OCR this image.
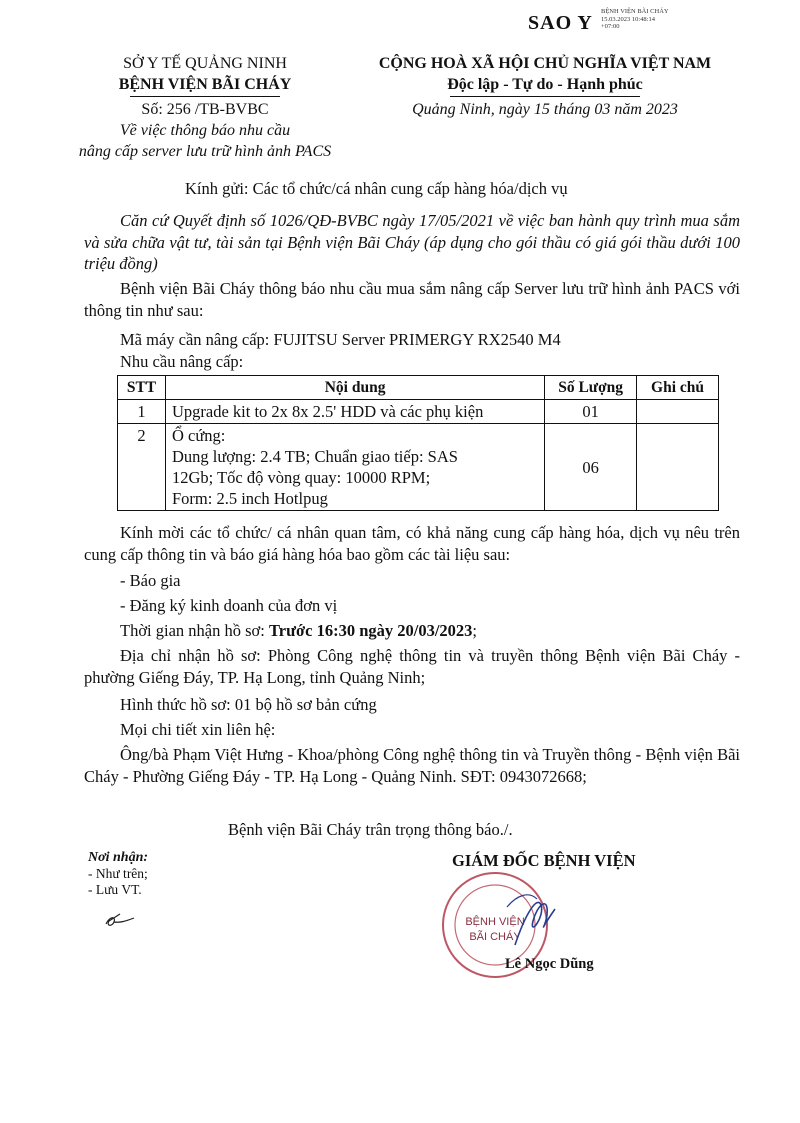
SAO Y
BỆNH VIỆN BÃI CHÁY
15.03.2023 10:48:14
+07:00
SỞ Y TẾ QUẢNG NINH
BỆNH VIỆN BÃI CHÁY
Số: 256 /TB-BVBC
Về việc thông báo nhu cầu
nâng cấp server lưu trữ hình ảnh PACS
CỘNG HOÀ XÃ HỘI CHỦ NGHĨA VIỆT NAM
Độc lập - Tự do - Hạnh phúc
Quảng Ninh, ngày 15 tháng 03 năm 2023
Kính gửi: Các tổ chức/cá nhân cung cấp hàng hóa/dịch vụ
Căn cứ Quyết định số 1026/QĐ-BVBC ngày 17/05/2021 về việc ban hành quy trình mua sắm và sửa chữa vật tư, tài sản tại Bệnh viện Bãi Cháy (áp dụng cho gói thầu có giá gói thầu dưới 100 triệu đồng)
Bệnh viện Bãi Cháy thông báo nhu cầu mua sắm nâng cấp Server lưu trữ hình ảnh PACS với thông tin như sau:
Mã máy cần nâng cấp: FUJITSU Server PRIMERGY RX2540 M4
Nhu cầu nâng cấp:
STT	Nội dung	Số Lượng	Ghi chú
1	Upgrade kit to 2x 8x 2.5' HDD và các phụ kiện	01	
2	Ổ cứng:
Dung lượng: 2.4 TB; Chuẩn giao tiếp: SAS
12Gb; Tốc độ vòng quay: 10000 RPM;
Form: 2.5 inch Hotlpug	06	
Kính mời các tổ chức/ cá nhân quan tâm, có khả năng cung cấp hàng hóa, dịch vụ nêu trên cung cấp thông tin và báo giá hàng hóa bao gồm các tài liệu sau:
- Báo gia
- Đăng ký kinh doanh của đơn vị
Thời gian nhận hồ sơ: Trước 16:30 ngày 20/03/2023;
Địa chỉ nhận hồ sơ: Phòng Công nghệ thông tin và truyền thông Bệnh viện Bãi Cháy - phường Giếng Đáy, TP. Hạ Long, tỉnh Quảng Ninh;
Hình thức hồ sơ: 01 bộ hồ sơ bản cứng
Mọi chi tiết xin liên hệ:
Ông/bà Phạm Việt Hưng - Khoa/phòng Công nghệ thông tin và Truyền thông - Bệnh viện Bãi Cháy - Phường Giếng Đáy - TP. Hạ Long - Quảng Ninh. SĐT: 0943072668;
Bệnh viện Bãi Cháy trân trọng thông báo./.
Nơi nhận:
- Như trên;
- Lưu VT.
GIÁM ĐỐC BỆNH VIỆN
BỆNH VIỆN
BÃI CHÁY
Lê Ngọc Dũng
